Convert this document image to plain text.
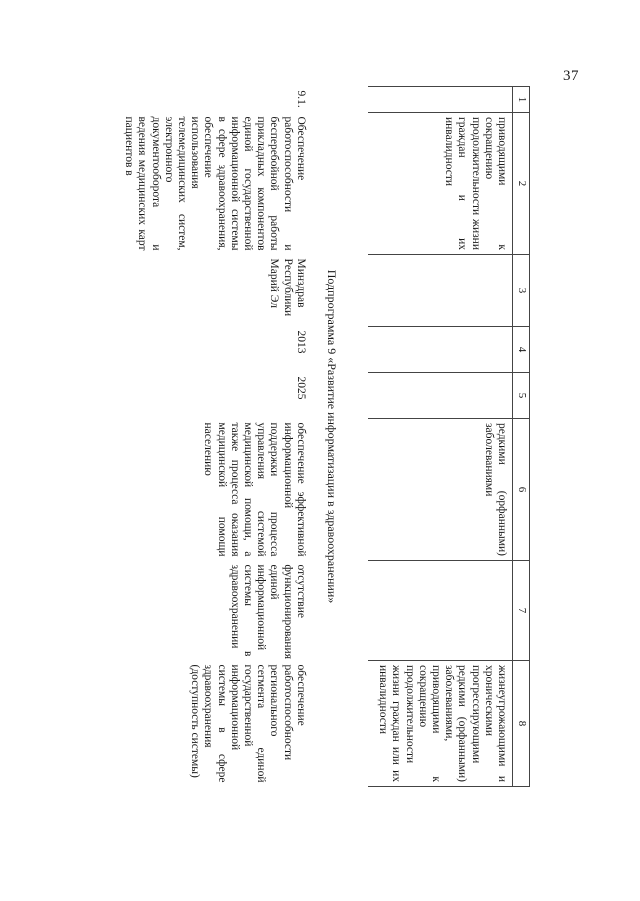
37
1	2	3	4	5	6	7	8
	приводящими к сокращению продолжительности жизни граждан и их инвалидности				редкими (орфанными) заболеваниями		жизнеугрожающими и хроническими прогрессирующими редкими (орфанными) заболеваниями, приводящими к сокращению продолжительности жизни граждан или их инвалидности
Подпрограмма 9 «Развитие информатизации в здравоохранении»							
9.1.	Обеспечение работоспособности и бесперебойной работы прикладных компонентов единой государственной информационной системы в сфере здравоохранения, обеспечение использования телемедицинских систем, электронного документооборота и ведения медицинских карт пациентов в	Минздрав Республики Марий Эл	2013	2025	обеспечение эффективной информационной поддержки процесса управления системой медицинской помощи, а также процесса оказания медицинской помощи населению	отсутствие функционирования единой информационной системы в здравоохранении	обеспечение работоспособности регионального сегмента единой государственной информационной системы в сфере здравоохранения (доступность системы)
